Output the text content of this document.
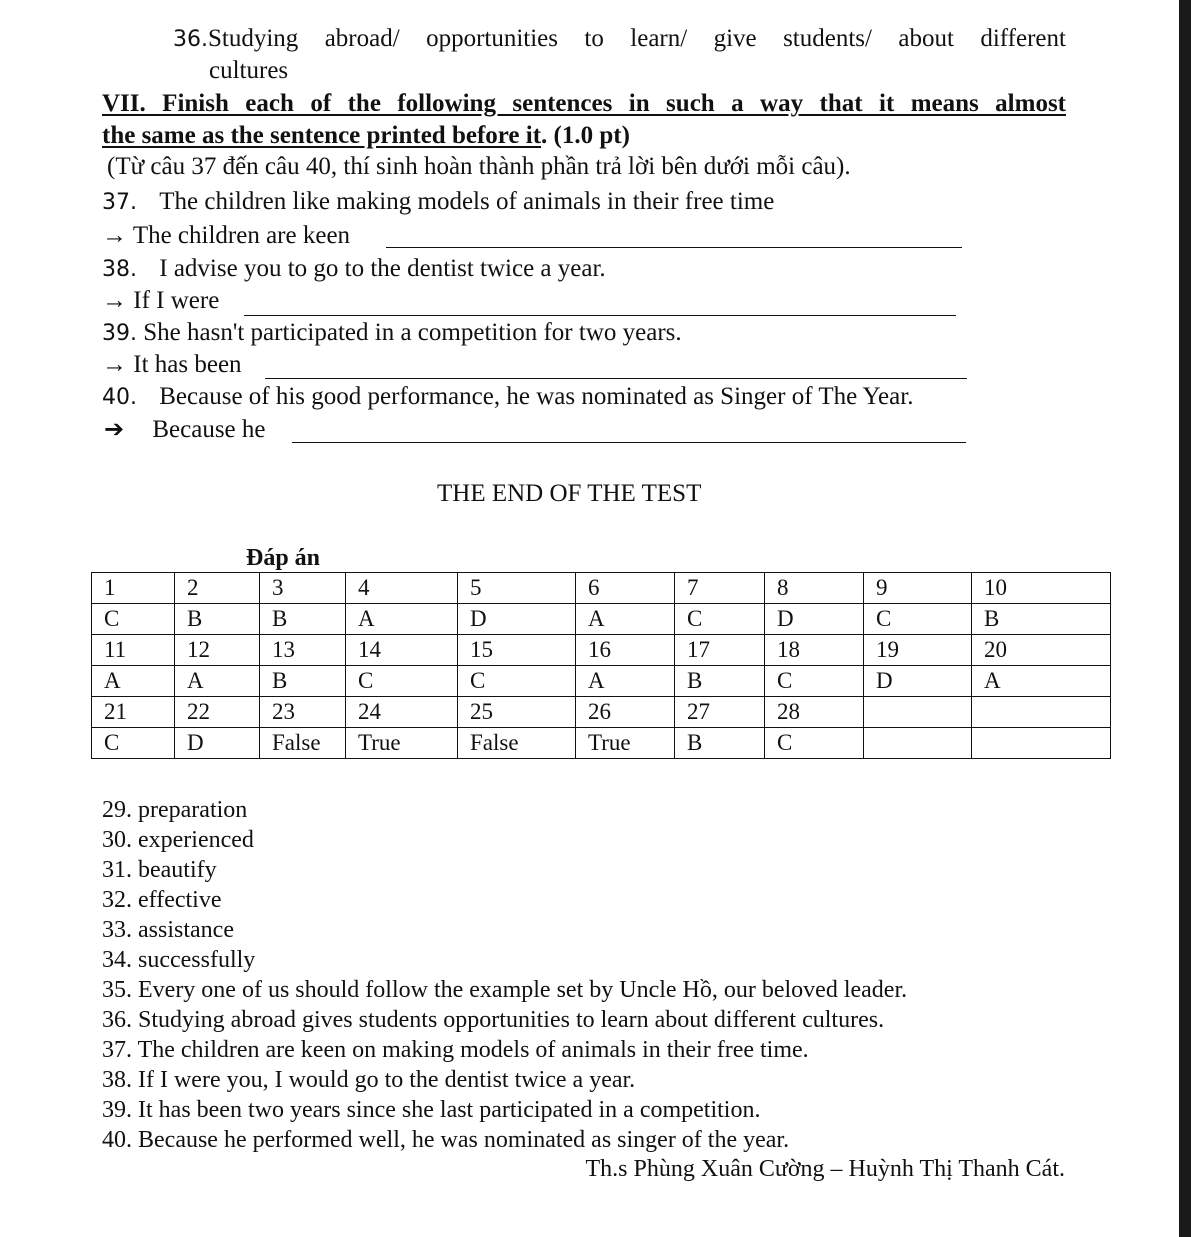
36.Studying abroad/ opportunities to learn/ give students/ about different
cultures
VII. Finish each of the following sentences in such a way that it means almost
the same as the sentence printed before it. (1.0 pt)
(Từ câu 37 đến câu 40, thí sinh hoàn thành phần trả lời bên dưới mỗi câu).
37. The children like making models of animals in their free time
→ The children are keen
38. I advise you to go to the dentist twice a year.
→ If I were
39. She hasn't participated in a competition for two years.
→ It has been
40. Because of his good performance, he was nominated as Singer of The Year.
➔ Because he
THE END OF THE TEST
Đáp án
1	2	3	4	5	6	7	8	9	10
C	B	B	A	D	A	C	D	C	B
11	12	13	14	15	16	17	18	19	20
A	A	B	C	C	A	B	C	D	A
21	22	23	24	25	26	27	28		
C	D	False	True	False	True	B	C		
29. preparation
30. experienced
31. beautify
32. effective
33. assistance
34. successfully
35. Every one of us should follow the example set by Uncle Hồ, our beloved leader.
36. Studying abroad gives students opportunities to learn about different cultures.
37. The children are keen on making models of animals in their free time.
38. If I were you, I would go to the dentist twice a year.
39. It has been two years since she last participated in a competition.
40. Because he performed well, he was nominated as singer of the year.
Th.s Phùng Xuân Cường – Huỳnh Thị Thanh Cát.
